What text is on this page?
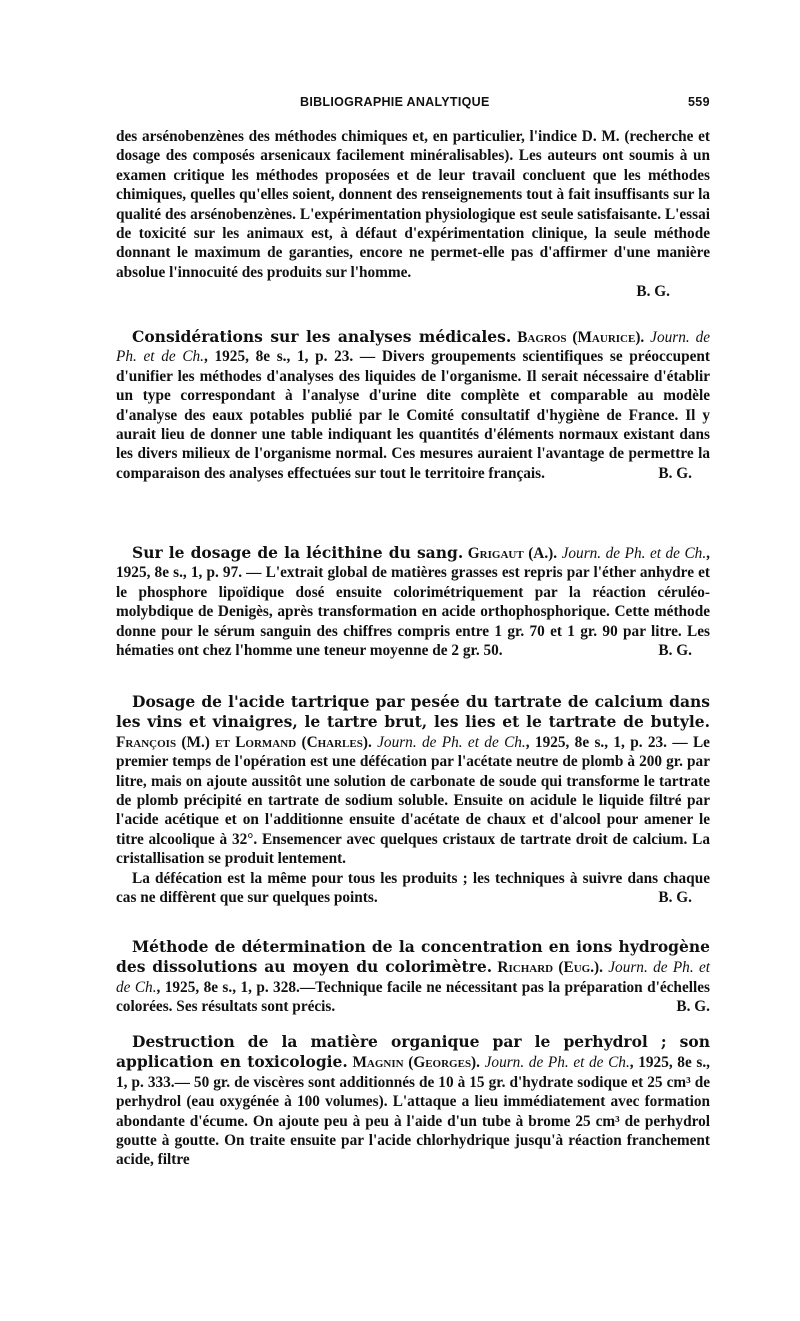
BIBLIOGRAPHIE ANALYTIQUE	559

des arsénobenzènes des méthodes chimiques et, en particulier, l'indice D. M. (recherche et dosage des composés arsenicaux facilement minéralisables). Les auteurs ont soumis à un examen critique les méthodes proposées et de leur travail concluent que les méthodes chimiques, quelles qu'elles soient, donnent des renseignements tout à fait insuffisants sur la qualité des arsénobenzènes. L'expérimentation physiologique est seule satisfaisante. L'essai de toxicité sur les animaux est, à défaut d'expérimentation clinique, la seule méthode donnant le maximum de garanties, encore ne permet-elle pas d'affirmer d'une manière absolue l'innocuité des produits sur l'homme.

B. G.

Considérations sur les analyses médicales. Bagros (Maurice). Journ. de Ph. et de Ch., 1925, 8e s., 1, p. 23. — Divers groupements scientifiques se préoccupent d'unifier les méthodes d'analyses des liquides de l'organisme. Il serait nécessaire d'établir un type correspondant à l'analyse d'urine dite complète et comparable au modèle d'analyse des eaux potables publié par le Comité consultatif d'hygiène de France. Il y aurait lieu de donner une table indiquant les quantités d'éléments normaux existant dans les divers milieux de l'organisme normal. Ces mesures auraient l'avantage de permettre la comparaison des analyses effectuées sur tout le territoire français.	B. G.

Sur le dosage de la lécithine du sang. Grigaut (A.). Journ. de Ph. et de Ch., 1925, 8e s., 1, p. 97. — L'extrait global de matières grasses est repris par l'éther anhydre et le phosphore lipoïdique dosé ensuite colorimétriquement par la réaction céruléo-molybdique de Denigès, après transformation en acide orthophosphorique. Cette méthode donne pour le sérum sanguin des chiffres compris entre 1 gr. 70 et 1 gr. 90 par litre. Les hématies ont chez l'homme une teneur moyenne de 2 gr. 50.	B. G.

Dosage de l'acide tartrique par pesée du tartrate de calcium dans les vins et vinaigres, le tartre brut, les lies et le tartrate de butyle. François (M.) et Lormand (Charles). Journ. de Ph. et de Ch., 1925, 8e s., 1, p. 23. — Le premier temps de l'opération est une défécation par l'acétate neutre de plomb à 200 gr. par litre, mais on ajoute aussitôt une solution de carbonate de soude qui transforme le tartrate de plomb précipité en tartrate de sodium soluble. Ensuite on acidule le liquide filtré par l'acide acétique et on l'additionne ensuite d'acétate de chaux et d'alcool pour amener le titre alcoolique à 32°. Ensemencer avec quelques cristaux de tartrate droit de calcium. La cristallisation se produit lentement.

La défécation est la même pour tous les produits ; les techniques à suivre dans chaque cas ne diffèrent que sur quelques points.	B. G.

Méthode de détermination de la concentration en ions hydrogène des dissolutions au moyen du colorimètre. Richard (Eug.). Journ. de Ph. et de Ch., 1925, 8e s., 1, p. 328.—Technique facile ne nécessitant pas la préparation d'échelles colorées. Ses résultats sont précis.	B. G.

Destruction de la matière organique par le perhydrol ; son application en toxicologie. Magnin (Georges). Journ. de Ph. et de Ch., 1925, 8e s., 1, p. 333.— 50 gr. de viscères sont additionnés de 10 à 15 gr. d'hydrate sodique et 25 cm³ de perhydrol (eau oxygénée à 100 volumes). L'attaque a lieu immédiatement avec formation abondante d'écume. On ajoute peu à peu à l'aide d'un tube à brome 25 cm³ de perhydrol goutte à goutte. On traite ensuite par l'acide chlorhydrique jusqu'à réaction franchement acide, filtre
